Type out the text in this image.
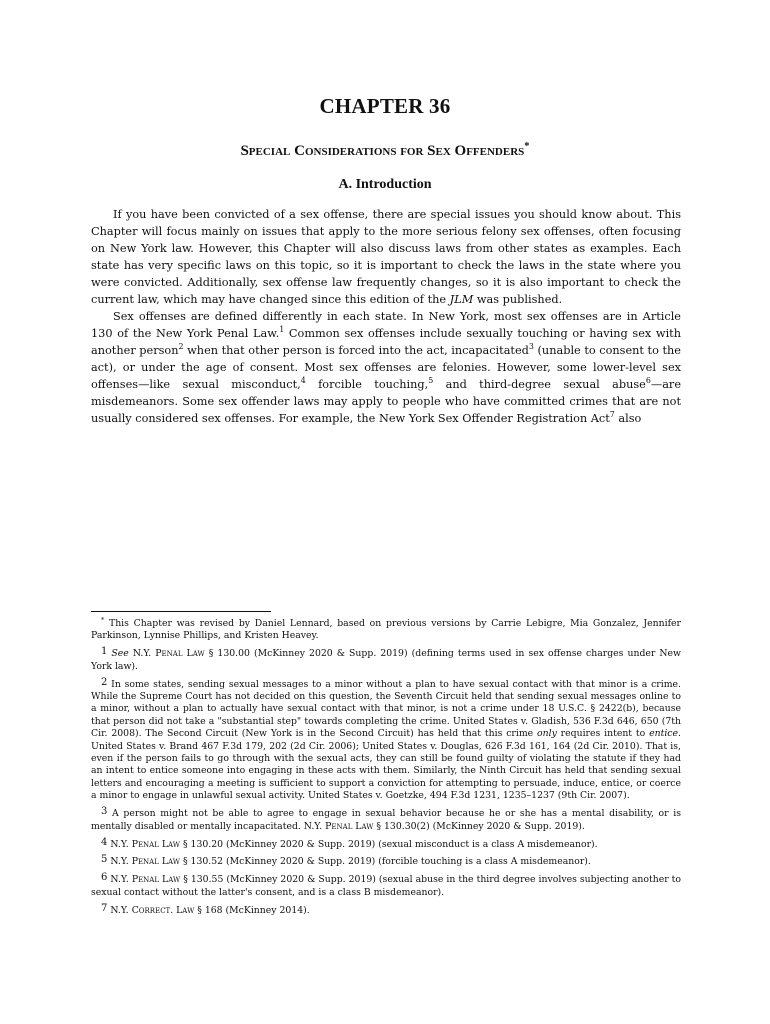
CHAPTER 36
Special Considerations for Sex Offenders*
A. Introduction

If you have been convicted of a sex offense, there are special issues you should know about. This Chapter will focus mainly on issues that apply to the more serious felony sex offenses, often focusing on New York law. However, this Chapter will also discuss laws from other states as examples. Each state has very specific laws on this topic, so it is important to check the laws in the state where you were convicted. Additionally, sex offense law frequently changes, so it is also important to check the current law, which may have changed since this edition of the JLM was published.

Sex offenses are defined differently in each state. In New York, most sex offenses are in Article 130 of the New York Penal Law.$^1$ Common sex offenses include sexually touching or having sex with another person$^2$ when that other person is forced into the act, incapacitated$^3$ (unable to consent to the act), or under the age of consent. Most sex offenses are felonies. However, some lower-level sex offenses—like sexual misconduct,$^4$ forcible touching,$^5$ and third-degree sexual abuse$^6$—are misdemeanors. Some sex offender laws may apply to people who have committed crimes that are not usually considered sex offenses. For example, the New York Sex Offender Registration Act$^7$ also

* This Chapter was revised by Daniel Lennard, based on previous versions by Carrie Lebigre, Mia Gonzalez, Jennifer Parkinson, Lynnise Phillips, and Kristen Heavey.

1 See N.Y. Penal Law § 130.00 (McKinney 2020 & Supp. 2019) (defining terms used in sex offense charges under New York law).

2 In some states, sending sexual messages to a minor without a plan to have sexual contact with that minor is a crime. While the Supreme Court has not decided on this question, the Seventh Circuit held that sending sexual messages online to a minor, without a plan to actually have sexual contact with that minor, is not a crime under 18 U.S.C. § 2422(b), because that person did not take a "substantial step" towards completing the crime. United States v. Gladish, 536 F.3d 646, 650 (7th Cir. 2008). The Second Circuit (New York is in the Second Circuit) has held that this crime only requires intent to entice. United States v. Brand 467 F.3d 179, 202 (2d Cir. 2006); United States v. Douglas, 626 F.3d 161, 164 (2d Cir. 2010). That is, even if the person fails to go through with the sexual acts, they can still be found guilty of violating the statute if they had an intent to entice someone into engaging in these acts with them. Similarly, the Ninth Circuit has held that sending sexual letters and encouraging a meeting is sufficient to support a conviction for attempting to persuade, induce, entice, or coerce a minor to engage in unlawful sexual activity. United States v. Goetzke, 494 F.3d 1231, 1235–1237 (9th Cir. 2007).

3 A person might not be able to agree to engage in sexual behavior because he or she has a mental disability, or is mentally disabled or mentally incapacitated. N.Y. Penal Law § 130.30(2) (McKinney 2020 & Supp. 2019).

4 N.Y. Penal Law § 130.20 (McKinney 2020 & Supp. 2019) (sexual misconduct is a class A misdemeanor).

5 N.Y. Penal Law § 130.52 (McKinney 2020 & Supp. 2019) (forcible touching is a class A misdemeanor).

6 N.Y. Penal Law § 130.55 (McKinney 2020 & Supp. 2019) (sexual abuse in the third degree involves subjecting another to sexual contact without the latter's consent, and is a class B misdemeanor).

7 N.Y. Correct. Law § 168 (McKinney 2014).
